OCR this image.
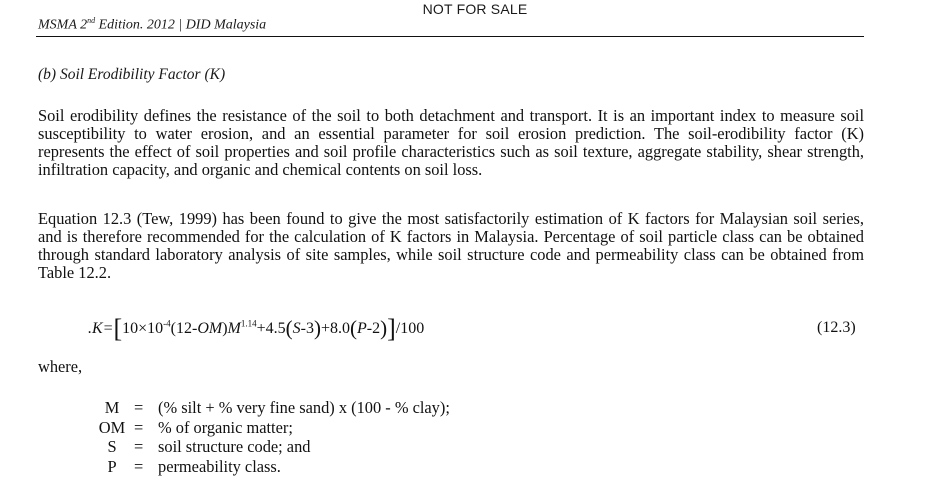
NOT FOR SALE
MSMA 2nd Edition. 2012 | DID Malaysia
(b) Soil Erodibility Factor (K)

Soil erodibility defines the resistance of the soil to both detachment and transport. It is an important index to measure soil susceptibility to water erosion, and an essential parameter for soil erosion prediction. The soil-erodibility factor (K) represents the effect of soil properties and soil profile characteristics such as soil texture, aggregate stability, shear strength, infiltration capacity, and organic and chemical contents on soil loss.

Equation 12.3 (Tew, 1999) has been found to give the most satisfactorily estimation of K factors for Malaysian soil series, and is therefore recommended for the calculation of K factors in Malaysia. Percentage of soil particle class can be obtained through standard laboratory analysis of site samples, while soil structure code and permeability class can be obtained from Table 12.2.

$.K=[10\times 10^{-4}(12-OM)M^{1.14}+4.5(S-3)+8.0(P-2)]/100$	(12.3)
where,
M = (% silt + % very fine sand) x (100 - % clay);
OM = % of organic matter;
S	= soil structure code; and
P	= permeability class.
